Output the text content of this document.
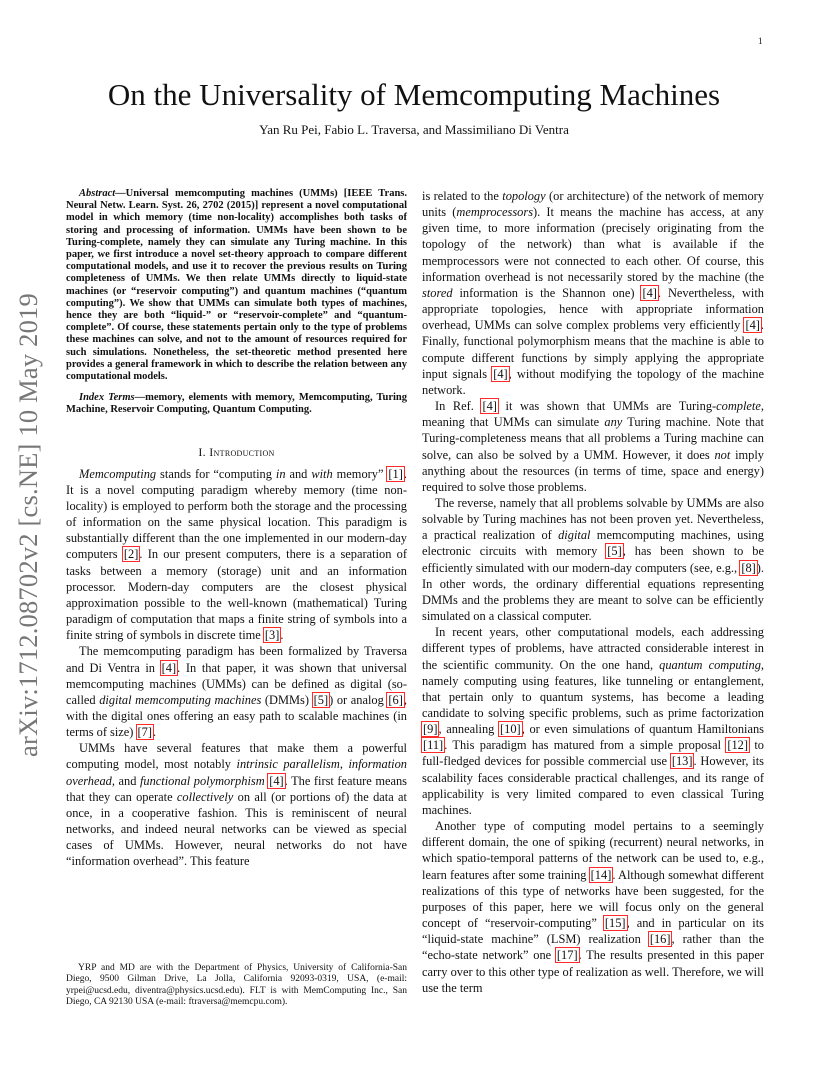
1
arXiv:1712.08702v2 [cs.NE] 10 May 2019
On the Universality of Memcomputing Machines

Yan Ru Pei, Fabio L. Traversa, and Massimiliano Di Ventra

Abstract—Universal memcomputing machines (UMMs) [IEEE Trans. Neural Netw. Learn. Syst. 26, 2702 (2015)] represent a novel computational model in which memory (time non-locality) accomplishes both tasks of storing and processing of information. UMMs have been shown to be Turing-complete, namely they can simulate any Turing machine. In this paper, we first introduce a novel set-theory approach to compare different computational models, and use it to recover the previous results on Turing completeness of UMMs. We then relate UMMs directly to liquid-state machines (or “reservoir computing”) and quantum machines (“quantum computing”). We show that UMMs can simulate both types of machines, hence they are both “liquid-” or “reservoir-complete” and “quantum-complete”. Of course, these statements pertain only to the type of problems these machines can solve, and not to the amount of resources required for such simulations. Nonetheless, the set-theoretic method presented here provides a general framework in which to describe the relation between any computational models.

Index Terms—memory, elements with memory, Memcomputing, Turing Machine, Reservoir Computing, Quantum Computing.

I. Introduction

Memcomputing stands for “computing in and with memory” [1]. It is a novel computing paradigm whereby memory (time non-locality) is employed to perform both the storage and the processing of information on the same physical location. This paradigm is substantially different than the one implemented in our modern-day computers [2]. In our present computers, there is a separation of tasks between a memory (storage) unit and an information processor. Modern-day computers are the closest physical approximation possible to the well-known (mathematical) Turing paradigm of computation that maps a finite string of symbols into a finite string of symbols in discrete time [3].

The memcomputing paradigm has been formalized by Traversa and Di Ventra in [4]. In that paper, it was shown that universal memcomputing machines (UMMs) can be defined as digital (so-called digital memcomputing machines (DMMs) [5]) or analog [6], with the digital ones offering an easy path to scalable machines (in terms of size) [7].

UMMs have several features that make them a powerful computing model, most notably intrinsic parallelism, information overhead, and functional polymorphism [4]. The first feature means that they can operate collectively on all (or portions of) the data at once, in a cooperative fashion. This is reminiscent of neural networks, and indeed neural networks can be viewed as special cases of UMMs. However, neural networks do not have “information overhead”. This feature

YRP and MD are with the Department of Physics, University of California-San Diego, 9500 Gilman Drive, La Jolla, California 92093-0319, USA, (e-mail: yrpei@ucsd.edu, diventra@physics.ucsd.edu). FLT is with MemComputing Inc., San Diego, CA 92130 USA (e-mail: ftraversa@memcpu.com).

is related to the topology (or architecture) of the network of memory units (memprocessors). It means the machine has access, at any given time, to more information (precisely originating from the topology of the network) than what is available if the memprocessors were not connected to each other. Of course, this information overhead is not necessarily stored by the machine (the stored information is the Shannon one) [4]. Nevertheless, with appropriate topologies, hence with appropriate information overhead, UMMs can solve complex problems very efficiently [4]. Finally, functional polymorphism means that the machine is able to compute different functions by simply applying the appropriate input signals [4], without modifying the topology of the machine network.

In Ref. [4] it was shown that UMMs are Turing-complete, meaning that UMMs can simulate any Turing machine. Note that Turing-completeness means that all problems a Turing machine can solve, can also be solved by a UMM. However, it does not imply anything about the resources (in terms of time, space and energy) required to solve those problems.

The reverse, namely that all problems solvable by UMMs are also solvable by Turing machines has not been proven yet. Nevertheless, a practical realization of digital memcomputing machines, using electronic circuits with memory [5], has been shown to be efficiently simulated with our modern-day computers (see, e.g., [8]). In other words, the ordinary differential equations representing DMMs and the problems they are meant to solve can be efficiently simulated on a classical computer.

In recent years, other computational models, each addressing different types of problems, have attracted considerable interest in the scientific community. On the one hand, quantum computing, namely computing using features, like tunneling or entanglement, that pertain only to quantum systems, has become a leading candidate to solving specific problems, such as prime factorization [9], annealing [10], or even simulations of quantum Hamiltonians [11]. This paradigm has matured from a simple proposal [12] to full-fledged devices for possible commercial use [13]. However, its scalability faces considerable practical challenges, and its range of applicability is very limited compared to even classical Turing machines.

Another type of computing model pertains to a seemingly different domain, the one of spiking (recurrent) neural networks, in which spatio-temporal patterns of the network can be used to, e.g., learn features after some training [14]. Although somewhat different realizations of this type of networks have been suggested, for the purposes of this paper, here we will focus only on the general concept of “reservoir-computing” [15], and in particular on its “liquid-state machine” (LSM) realization [16], rather than the “echo-state network” one [17]. The results presented in this paper carry over to this other type of realization as well. Therefore, we will use the term
